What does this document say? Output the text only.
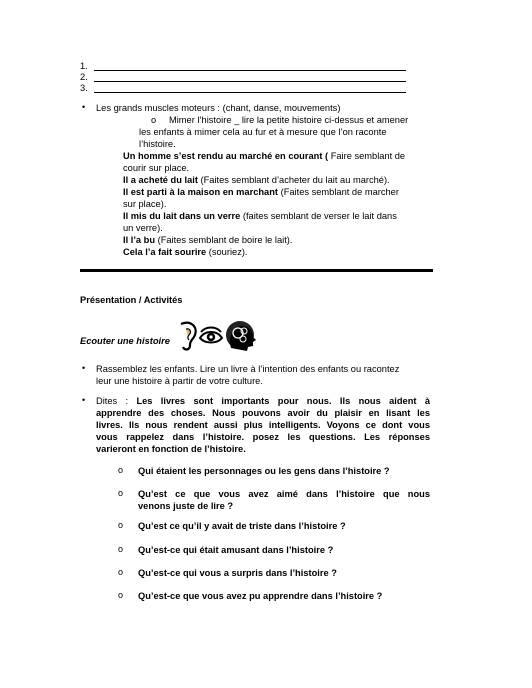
1.
2.
3.
• Les grands muscles moteurs : (chant, danse, mouvements)
o Mimer l’histoire _ lire la petite histoire ci-dessus et amener
les enfants à mimer cela au fur et à mesure que l’on raconte
l’histoire.
Un homme s’est rendu au marché en courant ( Faire semblant de
courir sur place.
Il a acheté du lait (Faites semblant d’acheter du lait au marché).
Il est parti à la maison en marchant (Faites semblant de marcher
sur place).
Il mis du lait dans un verre (faites semblant de verser le lait dans
un verre).
Il l’a bu (Faites semblant de boire le lait).
Cela l’a fait sourire (souriez).
Présentation / Activités
Ecouter une histoire
• Rassemblez les enfants. Lire un livre à l’intention des enfants ou racontez
leur une histoire à partir de votre culture.
• Dites : Les livres sont importants pour nous. Ils nous aident à
apprendre des choses. Nous pouvons avoir du plaisir en lisant les
livres. Ils nous rendent aussi plus intelligents. Voyons ce dont vous
vous rappelez dans l’histoire. posez les questions. Les réponses
varieront en fonction de l’histoire.
o Qui étaient les personnages ou les gens dans l’histoire ?
o Qu’est ce que vous avez aimé dans l’histoire que nous
venons juste de lire ?
o Qu’est ce qu’il y avait de triste dans l’histoire ?
o Qu’est-ce qui était amusant dans l’histoire ?
o Qu’est-ce qui vous a surpris dans l’histoire ?
o Qu’est-ce que vous avez pu apprendre dans l’histoire ?
